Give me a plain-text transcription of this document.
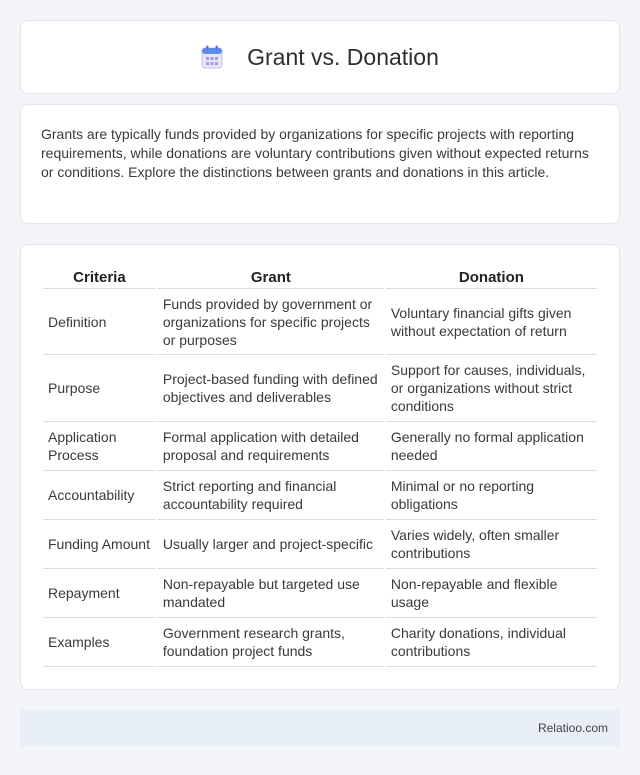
Grant vs. Donation

Grants are typically funds provided by organizations for specific projects with reporting requirements, while donations are voluntary contributions given without expected returns or conditions. Explore the distinctions between grants and donations in this article.

Criteria	Grant	Donation
Definition	Funds provided by government or organizations for specific projects or purposes	Voluntary financial gifts given without expectation of return
Purpose	Project-based funding with defined objectives and deliverables	Support for causes, individuals, or organizations without strict conditions
Application Process	Formal application with detailed proposal and requirements	Generally no formal application needed
Accountability	Strict reporting and financial accountability required	Minimal or no reporting obligations
Funding Amount	Usually larger and project-specific	Varies widely, often smaller contributions
Repayment	Non-repayable but targeted use mandated	Non-repayable and flexible usage
Examples	Government research grants, foundation project funds	Charity donations, individual contributions
Relatioo.com
